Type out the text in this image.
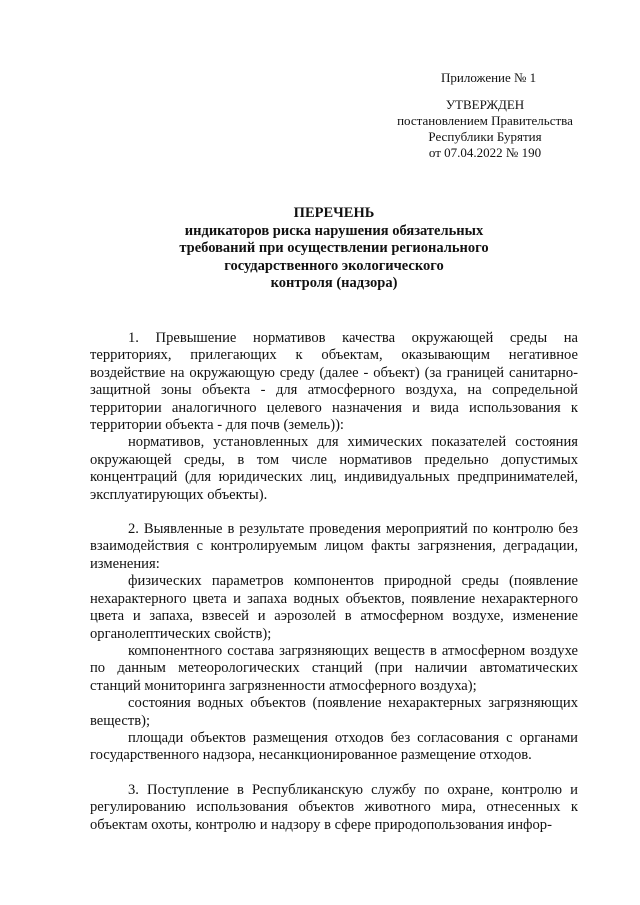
Приложение № 1
УТВЕРЖДЕН
постановлением Правительства
Республики Бурятия
от 07.04.2022 № 190
ПЕРЕЧЕНЬ
индикаторов риска нарушения обязательных
требований при осуществлении регионального
государственного экологического
контроля (надзора)

1. Превышение нормативов качества окружающей среды на территориях, прилегающих к объектам, оказывающим негативное воздействие на окружающую среду (далее - объект) (за границей санитарно-защитной зоны объекта - для атмосферного воздуха, на сопредельной территории аналогичного целевого назначения и вида использования к территории объекта - для почв (земель)):

нормативов, установленных для химических показателей состояния окружающей среды, в том числе нормативов предельно допустимых концентраций (для юридических лиц, индивидуальных предпринимателей, эксплуатирующих объекты).

2. Выявленные в результате проведения мероприятий по контролю без взаимодействия с контролируемым лицом факты загрязнения, деградации, изменения:

физических параметров компонентов природной среды (появление нехарактерного цвета и запаха водных объектов, появление нехарактерного цвета и запаха, взвесей и аэрозолей в атмосферном воздухе, изменение органолептических свойств);

компонентного состава загрязняющих веществ в атмосферном воздухе по данным метеорологических станций (при наличии автоматических станций мониторинга загрязненности атмосферного воздуха);

состояния водных объектов (появление нехарактерных загрязняющих веществ);

площади объектов размещения отходов без согласования с органами государственного надзора, несанкционированное размещение отходов.

3. Поступление в Республиканскую службу по охране, контролю и регулированию использования объектов животного мира, отнесенных к объектам охоты, контролю и надзору в сфере природопользования инфор-
